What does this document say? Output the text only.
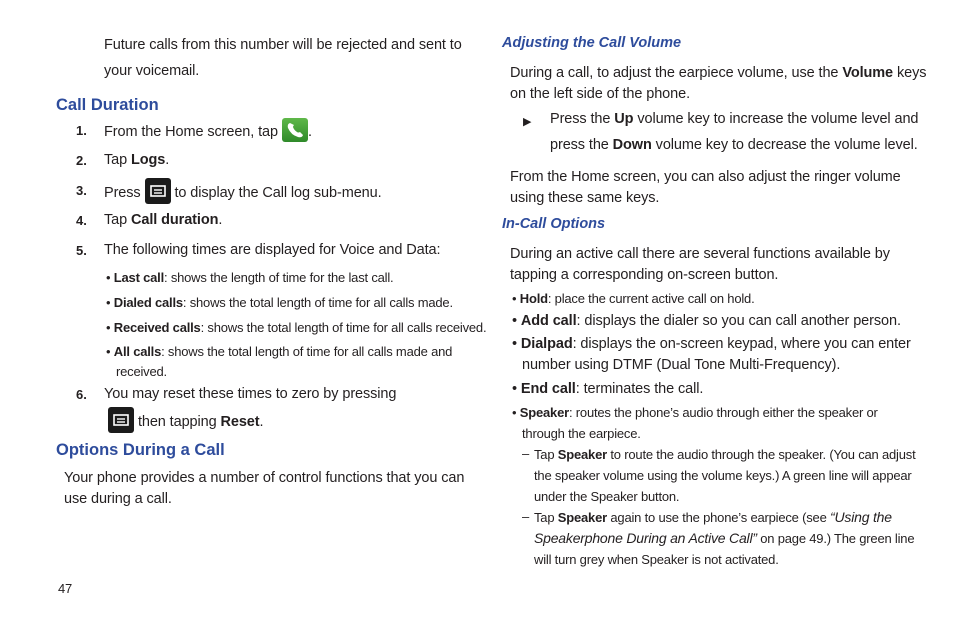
Future calls from this number will be rejected and sent to
your voicemail.
Call Duration
1. From the Home screen, tap .
2. Tap Logs.
3. Press to display the Call log sub-menu.
4. Tap Call duration.
5. The following times are displayed for Voice and Data:
• Last call: shows the length of time for the last call.
• Dialed calls: shows the total length of time for all calls made.
• Received calls: shows the total length of time for all calls received.
• All calls: shows the total length of time for all calls made and
received.
6. You may reset these times to zero by pressing
then tapping Reset.
Options During a Call
Your phone provides a number of control functions that you can
use during a call.
47
Adjusting the Call Volume
During a call, to adjust the earpiece volume, use the Volume keys
on the left side of the phone.
▶ Press the Up volume key to increase the volume level and
press the Down volume key to decrease the volume level.
From the Home screen, you can also adjust the ringer volume
using these same keys.
In-Call Options
During an active call there are several functions available by
tapping a corresponding on-screen button.
• Hold: place the current active call on hold.
• Add call: displays the dialer so you can call another person.
• Dialpad: displays the on-screen keypad, where you can enter
number using DTMF (Dual Tone Multi-Frequency).
• End call: terminates the call.
• Speaker: routes the phone’s audio through either the speaker or
through the earpiece.
– Tap Speaker to route the audio through the speaker. (You can adjust
the speaker volume using the volume keys.) A green line will appear
under the Speaker button.
– Tap Speaker again to use the phone’s earpiece (see “Using the
Speakerphone During an Active Call” on page 49.) The green line
will turn grey when Speaker is not activated.
